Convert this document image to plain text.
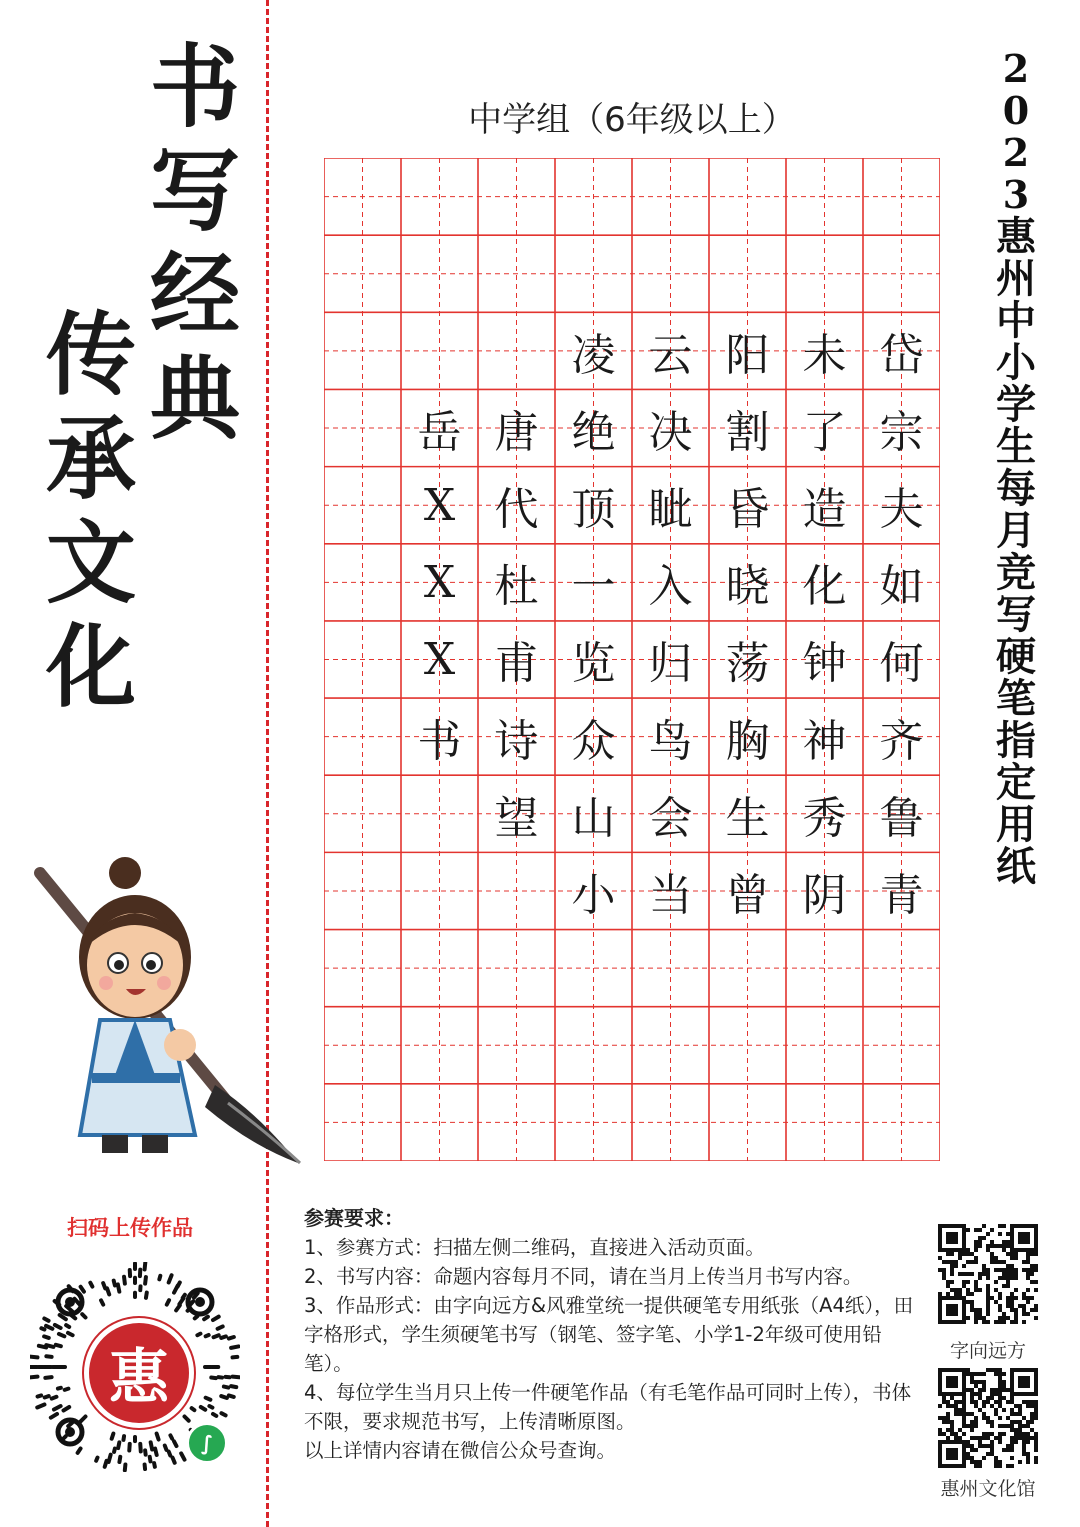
书
写
经
典
传
承
文
化
2
0
2
3
惠
州
中
小
学
生
每
月
竞
写
硬
笔
指
定
用
纸
中学组（6年级以上）
岳
X
X
X
书
唐
代
杜
甫
诗
望
凌
绝
顶
一
览
众
山
小
云
决
眦
入
归
鸟
会
当
阳
割
昏
晓
荡
胸
生
曾
未
了
造
化
钟
神
秀
阴
岱
宗
夫
如
何
齐
鲁
青
扫码上传作品
惠
∫

参赛要求：

1、参赛方式：扫描左侧二维码，直接进入活动页面。

2、书写内容：命题内容每月不同，请在当月上传当月书写内容。

3、作品形式：由字向远方&风雅堂统一提供硬笔专用纸张（A4纸），田字格形式，学生须硬笔书写（钢笔、签字笔、小学1-2年级可使用铅笔）。

4、每位学生当月只上传一件硬笔作品（有毛笔作品可同时上传），书体不限，要求规范书写，上传清晰原图。

以上详情内容请在微信公众号查询。

字向远方
惠州文化馆
